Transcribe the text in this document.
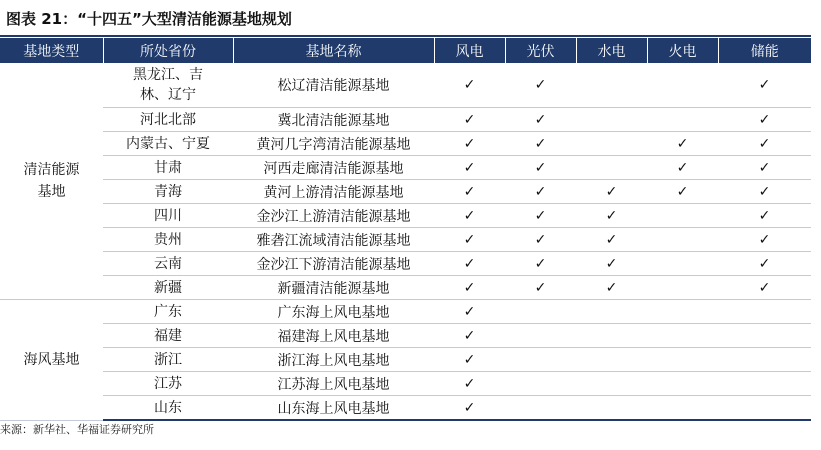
图表 21：“十四五”大型清洁能源基地规划
基地类型	所处省份	基地名称	风电	光伏	水电	火电	储能
清洁能源基地	黑龙江、吉林、辽宁	松辽清洁能源基地	✓	✓			✓
	河北北部	冀北清洁能源基地	✓	✓			✓
	内蒙古、宁夏	黄河几字湾清洁能源基地	✓	✓		✓	✓
	甘肃	河西走廊清洁能源基地	✓	✓		✓	✓
	青海	黄河上游清洁能源基地	✓	✓	✓	✓	✓
	四川	金沙江上游清洁能源基地	✓	✓	✓		✓
	贵州	雅砻江流域清洁能源基地	✓	✓	✓		✓
	云南	金沙江下游清洁能源基地	✓	✓	✓		✓
	新疆	新疆清洁能源基地	✓	✓	✓		✓
海风基地	广东	广东海上风电基地	✓				
	福建	福建海上风电基地	✓				
	浙江	浙江海上风电基地	✓				
	江苏	江苏海上风电基地	✓				
	山东	山东海上风电基地	✓				
来源：新华社、华福证券研究所
